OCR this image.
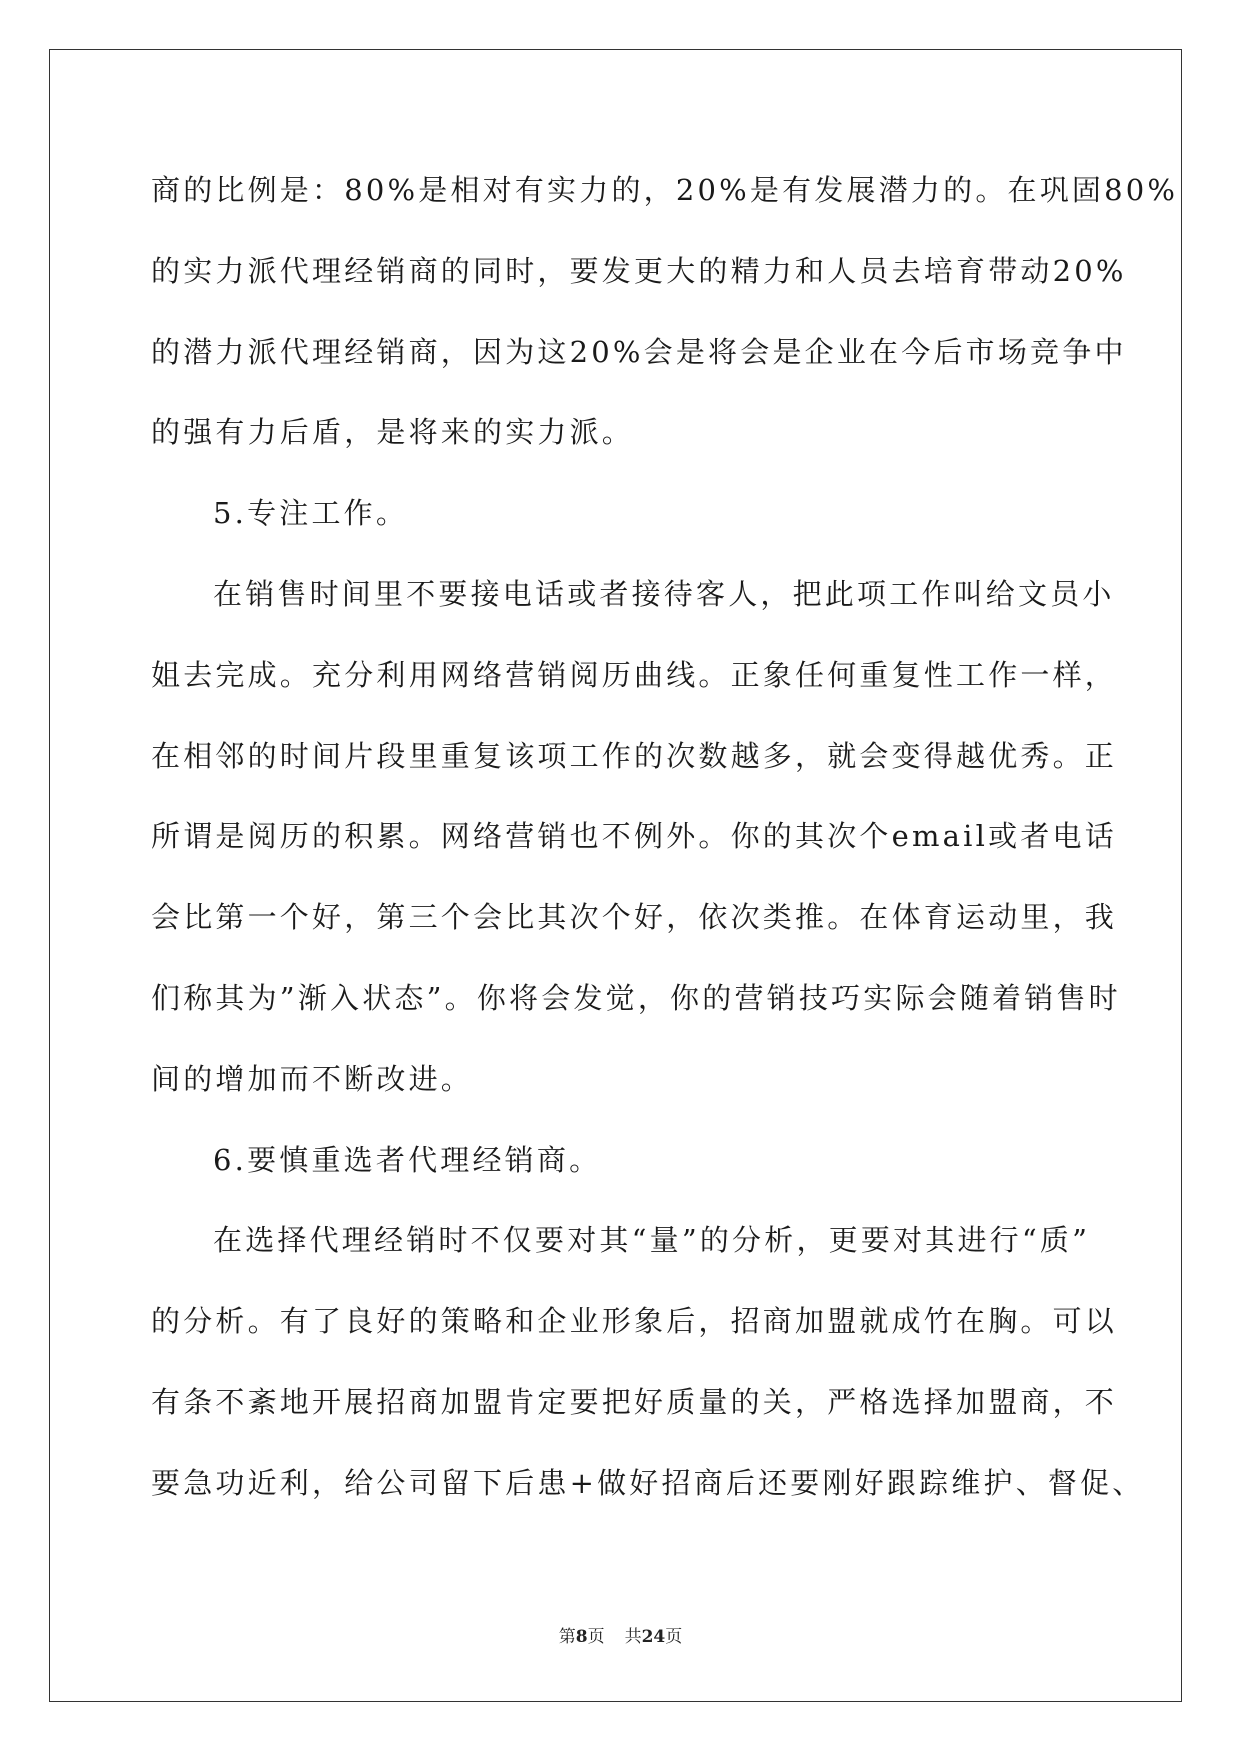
商的比例是：80%是相对有实力的，20%是有发展潜力的。在巩固80%
的实力派代理经销商的同时，要发更大的精力和人员去培育带动20%
的潜力派代理经销商，因为这20%会是将会是企业在今后市场竞争中
的强有力后盾，是将来的实力派。
5.专注工作。
在销售时间里不要接电话或者接待客人，把此项工作叫给文员小
姐去完成。充分利用网络营销阅历曲线。正象任何重复性工作一样，
在相邻的时间片段里重复该项工作的次数越多，就会变得越优秀。正
所谓是阅历的积累。网络营销也不例外。你的其次个email或者电话
会比第一个好，第三个会比其次个好，依次类推。在体育运动里，我
们称其为”渐入状态”。你将会发觉，你的营销技巧实际会随着销售时
间的增加而不断改进。
6.要慎重选者代理经销商。
在选择代理经销时不仅要对其“量”的分析，更要对其进行“质”
的分析。有了良好的策略和企业形象后，招商加盟就成竹在胸。可以
有条不紊地开展招商加盟肯定要把好质量的关，严格选择加盟商，不
要急功近利，给公司留下后患+做好招商后还要刚好跟踪维护、督促、
第8页 共24页
